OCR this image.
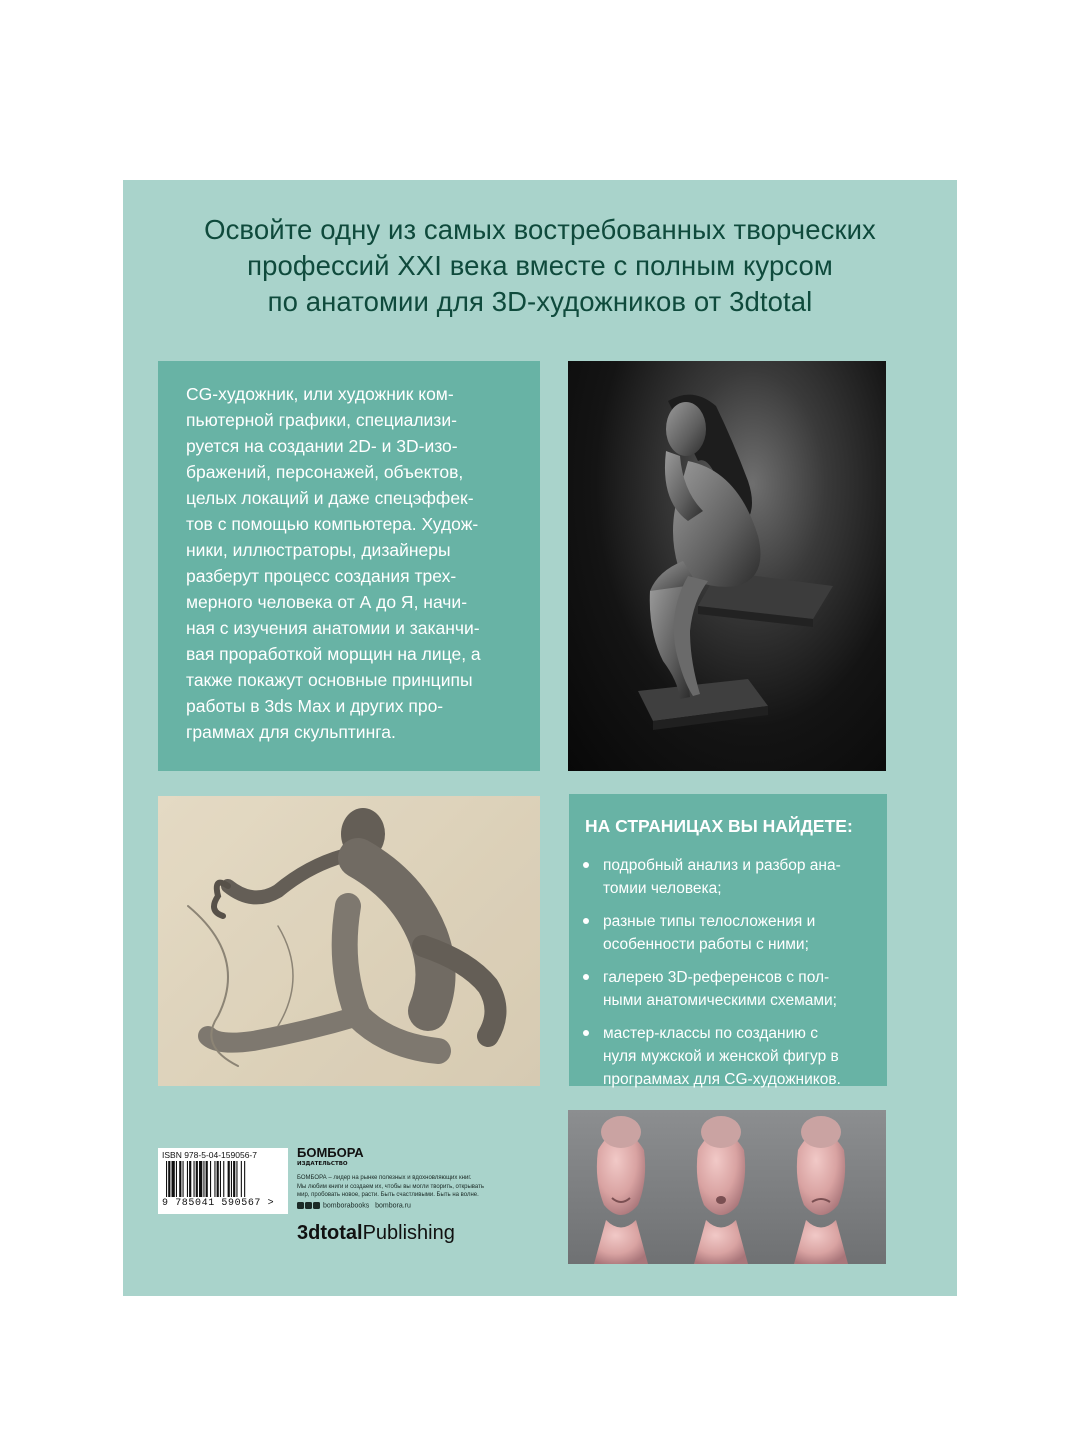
Освойте одну из самых востребованных творческих
профессий XXI века вместе с полным курсом
по анатомии для 3D-художников от 3dtotal
CG-художник, или художник ком-
пьютерной графики, специализи-
руется на создании 2D- и 3D-изо-
бражений, персонажей, объектов,
целых локаций и даже спецэффек-
тов с помощью компьютера. Худож-
ники, иллюстраторы, дизайнеры
разберут процесс создания трех-
мерного человека от А до Я, начи-
ная с изучения анатомии и заканчи-
вая проработкой морщин на лице, а
также покажут основные принципы
работы в 3ds Max и других про-
граммах для скульптинга.
НА СТРАНИЦАХ ВЫ НАЙДЕТЕ:
подробный анализ и разбор ана-
томии человека;
разные типы телосложения и
особенности работы с ними;
галерею 3D-референсов с пол-
ными анатомическими схемами;
мастер-классы по созданию с
нуля мужской и женской фигур в
программах для CG-художников.
ISBN 978-5-04-159056-7
9 785041 590567 >
БОМБОРА
ИЗДАТЕЛЬСТВО
БОМБОРА – лидер на рынке полезных и вдохновляющих книг.
Мы любим книги и создаем их, чтобы вы могли творить, открывать
мир, пробовать новое, расти. Быть счастливыми. Быть на волне.
bomborabooks bombora.ru
3dtotalPublishing
